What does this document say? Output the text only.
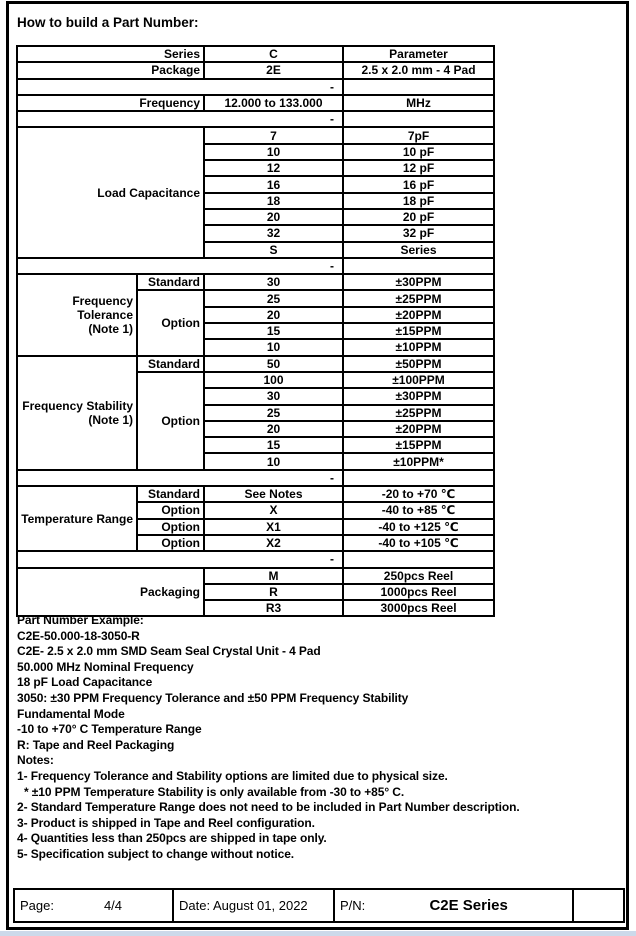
How to build a Part Number:
Series		C	Parameter
Package		2E	2.5 x 2.0 mm - 4 Pad
-			
Frequency		12.000 to 133.000	MHz
-			
Load Capacitance		7	7pF
		10	10 pF
		12	12 pF
		16	16 pF
		18	18 pF
		20	20 pF
		32	32 pF
		S	Series
-			

Frequency
Tolerance
(Note 1)	Standard	30	±30PPM
	Option	25	±25PPM
		20	±20PPM
		15	±15PPM
		10	±10PPM

Frequency Stability
(Note 1)	Standard	50	±50PPM
	Option	100	±100PPM
		30	±30PPM
		25	±25PPM
		20	±20PPM
		15	±15PPM
		10	±10PPM*
-			
Temperature Range	Standard	See Notes	-20 to +70 ℃
	Option	X	-40 to +85 ℃
	Option	X1	-40 to +125 ℃
	Option	X2	-40 to +105 ℃
-			
Packaging		M	250pcs Reel
		R	1000pcs Reel
		R3	3000pcs Reel
Part Number Example:
C2E-50.000-18-3050-R
C2E- 2.5 x 2.0 mm SMD Seam Seal Crystal Unit - 4 Pad
50.000 MHz Nominal Frequency
18 pF Load Capacitance
3050: ±30 PPM Frequency Tolerance and ±50 PPM Frequency Stability
Fundamental Mode
-10 to +70° C Temperature Range
R: Tape and Reel Packaging
Notes:
1- Frequency Tolerance and Stability options are limited due to physical size.
* ±10 PPM Temperature Stability is only available from -30 to +85° C.
2- Standard Temperature Range does not need to be included in Part Number description.
3- Product is shipped in Tape and Reel configuration.
4- Quantities less than 250pcs are shipped in tape only.
5- Specification subject to change without notice.
Page:	4/4	Date: August 01, 2022	P/N:	C2E Series
